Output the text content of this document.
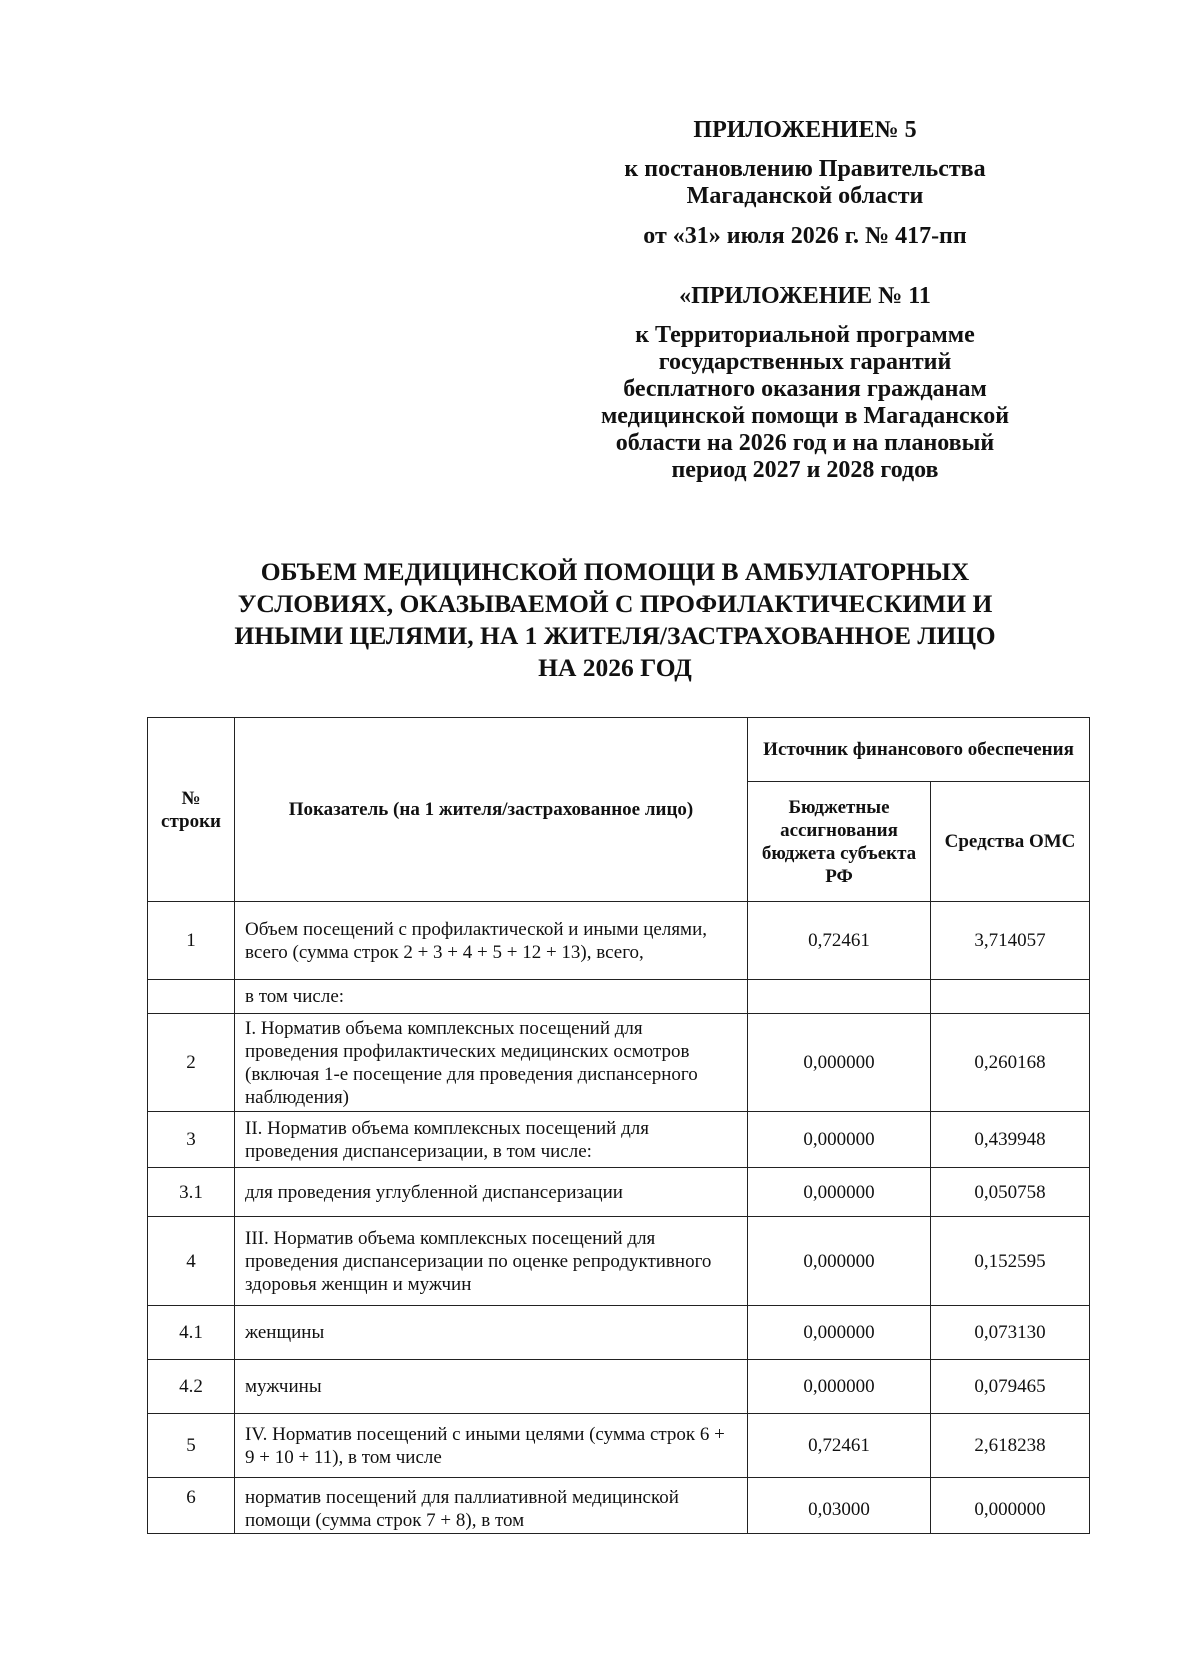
ПРИЛОЖЕНИЕ№ 5

к постановлению Правительства

Магаданской области

от «31» июля 2026 г. № 417-пп

«ПРИЛОЖЕНИЕ № 11

к Территориальной программе

государственных гарантий

бесплатного оказания гражданам

медицинской помощи в Магаданской

области на 2026 год и на плановый

период 2027 и 2028 годов

ОБЪЕМ МЕДИЦИНСКОЙ ПОМОЩИ В АМБУЛАТОРНЫХ
УСЛОВИЯХ, ОКАЗЫВАЕМОЙ С ПРОФИЛАКТИЧЕСКИМИ И
ИНЫМИ ЦЕЛЯМИ, НА 1 ЖИТЕЛЯ/ЗАСТРАХОВАННОЕ ЛИЦО
НА 2026 ГОД
№ строки	Показатель (на 1 жителя/застрахованное лицо)	Источник финансового обеспечения	
		Бюджетные ассигнования бюджета субъекта РФ	Средства ОМС
1	Объем посещений с профилактической и иными целями, всего (сумма строк 2 + 3 + 4 + 5 + 12 + 13), всего,	0,72461	3,714057
	в том числе:		
2	I. Норматив объема комплексных посещений для проведения профилактических медицинских осмотров (включая 1-е посещение для проведения диспансерного наблюдения)	0,000000	0,260168
3	II. Норматив объема комплексных посещений для проведения диспансеризации, в том числе:	0,000000	0,439948
3.1	для проведения углубленной диспансеризации	0,000000	0,050758
4	III. Норматив объема комплексных посещений для проведения диспансеризации по оценке репродуктивного здоровья женщин и мужчин	0,000000	0,152595
4.1	женщины	0,000000	0,073130
4.2	мужчины	0,000000	0,079465
5	IV. Норматив посещений с иными целями (сумма строк 6 + 9 + 10 + 11), в том числе	0,72461	2,618238
6	норматив посещений для паллиативной медицинской помощи (сумма строк 7 + 8), в том	0,03000	0,000000
